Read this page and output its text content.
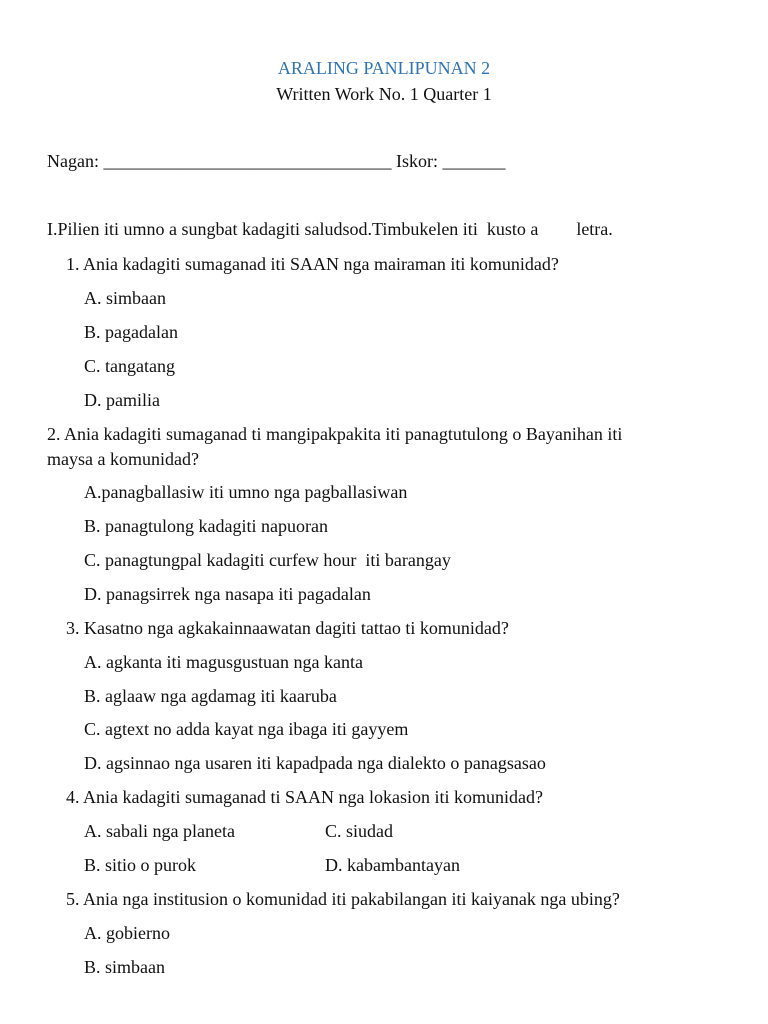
ARALING PANLIPUNAN 2
Written Work No. 1 Quarter 1
Nagan: ________________________________ Iskor: _______
I.Pilien iti umno a sungbat kadagiti saludsod.Timbukelen iti  kusto a letra.
1. Ania kadagiti sumaganad iti SAAN nga mairaman iti komunidad?
A. simbaan
B. pagadalan
C. tangatang
D. pamilia
2. Ania kadagiti sumaganad ti mangipakpakita iti panagtutulong o Bayanihan iti
maysa a komunidad?
A.panagballasiw iti umno nga pagballasiwan
B. panagtulong kadagiti napuoran
C. panagtungpal kadagiti curfew hour  iti barangay
D. panagsirrek nga nasapa iti pagadalan
3. Kasatno nga agkakainnaawatan dagiti tattao ti komunidad?
A. agkanta iti magusgustuan nga kanta
B. aglaaw nga agdamag iti kaaruba
C. agtext no adda kayat nga ibaga iti gayyem
D. agsinnao nga usaren iti kapadpada nga dialekto o panagsasao
4. Ania kadagiti sumaganad ti SAAN nga lokasion iti komunidad?
A. sabali nga planeta	C. siudad
B. sitio o purok	D. kabambantayan
5. Ania nga institusion o komunidad iti pakabilangan iti kaiyanak nga ubing?
A. gobierno
B. simbaan
